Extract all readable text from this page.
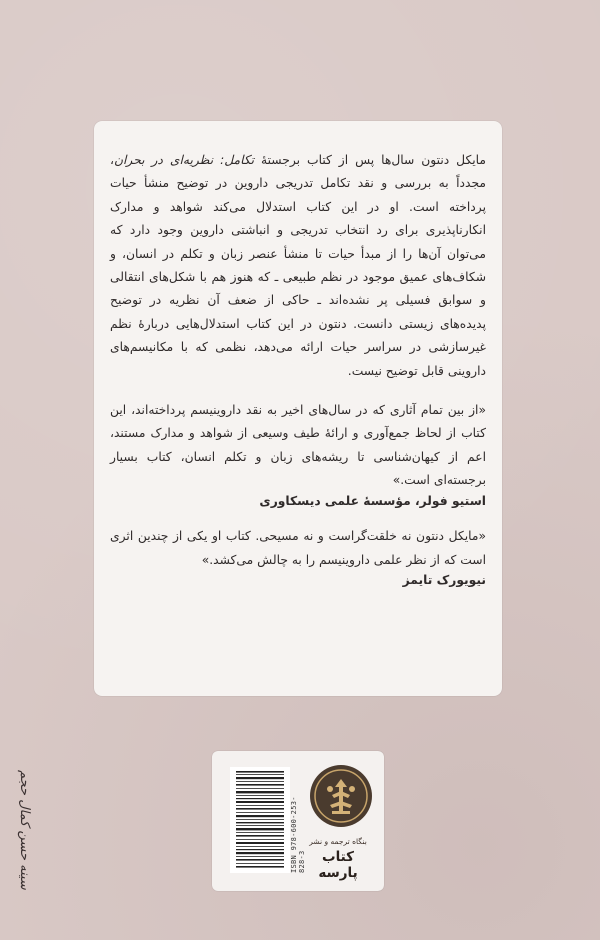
مایکل دنتون سال‌ها پس از کتاب برجستهٔ تکامل: نظریه‌ای در بحران، مجدداً به بررسی و نقد تکامل تدریجی داروین در توضیح منشأ حیات پرداخته است. او در این کتاب استدلال می‌کند شواهد و مدارک انکارناپذیری برای رد انتخاب تدریجی و انباشتی داروین وجود دارد که می‌توان آن‌ها را از مبدأ حیات تا منشأ عنصر زبان و تکلم در انسان، و شکاف‌های عمیق موجود در نظم طبیعی ـ که هنوز هم با شکل‌های انتقالی و سوابق فسیلی پر نشده‌اند ـ حاکی از ضعف آن نظریه در توضیح پدیده‌های زیستی دانست. دنتون در این کتاب استدلال‌هایی دربارهٔ نظم غیرسازشی در سراسر حیات ارائه می‌دهد، نظمی که با مکانیسم‌های داروینی قابل توضیح نیست.

«از بین تمام آثاری که در سال‌های اخیر به نقد داروینیسم پرداخته‌اند، این کتاب از لحاظ جمع‌آوری و ارائهٔ طیف وسیعی از شواهد و مدارک مستند، اعم از کیهان‌شناسی تا ریشه‌های زبان و تکلم انسان، کتاب بسیار برجسته‌ای است.»

استیو فولر، مؤسسهٔ علمی دیسکاوری

«مایکل دنتون نه خلقت‌گراست و نه مسیحی. کتاب او یکی از چندین اثری است که از نظر علمی داروینیسم را به چالش می‌کشد.»

نیویورک تایمز
ISBN 978-600-253-828-3
بنگاه ترجمه و نشر
کتاب پارسه
سینه حسن کمال حجم
